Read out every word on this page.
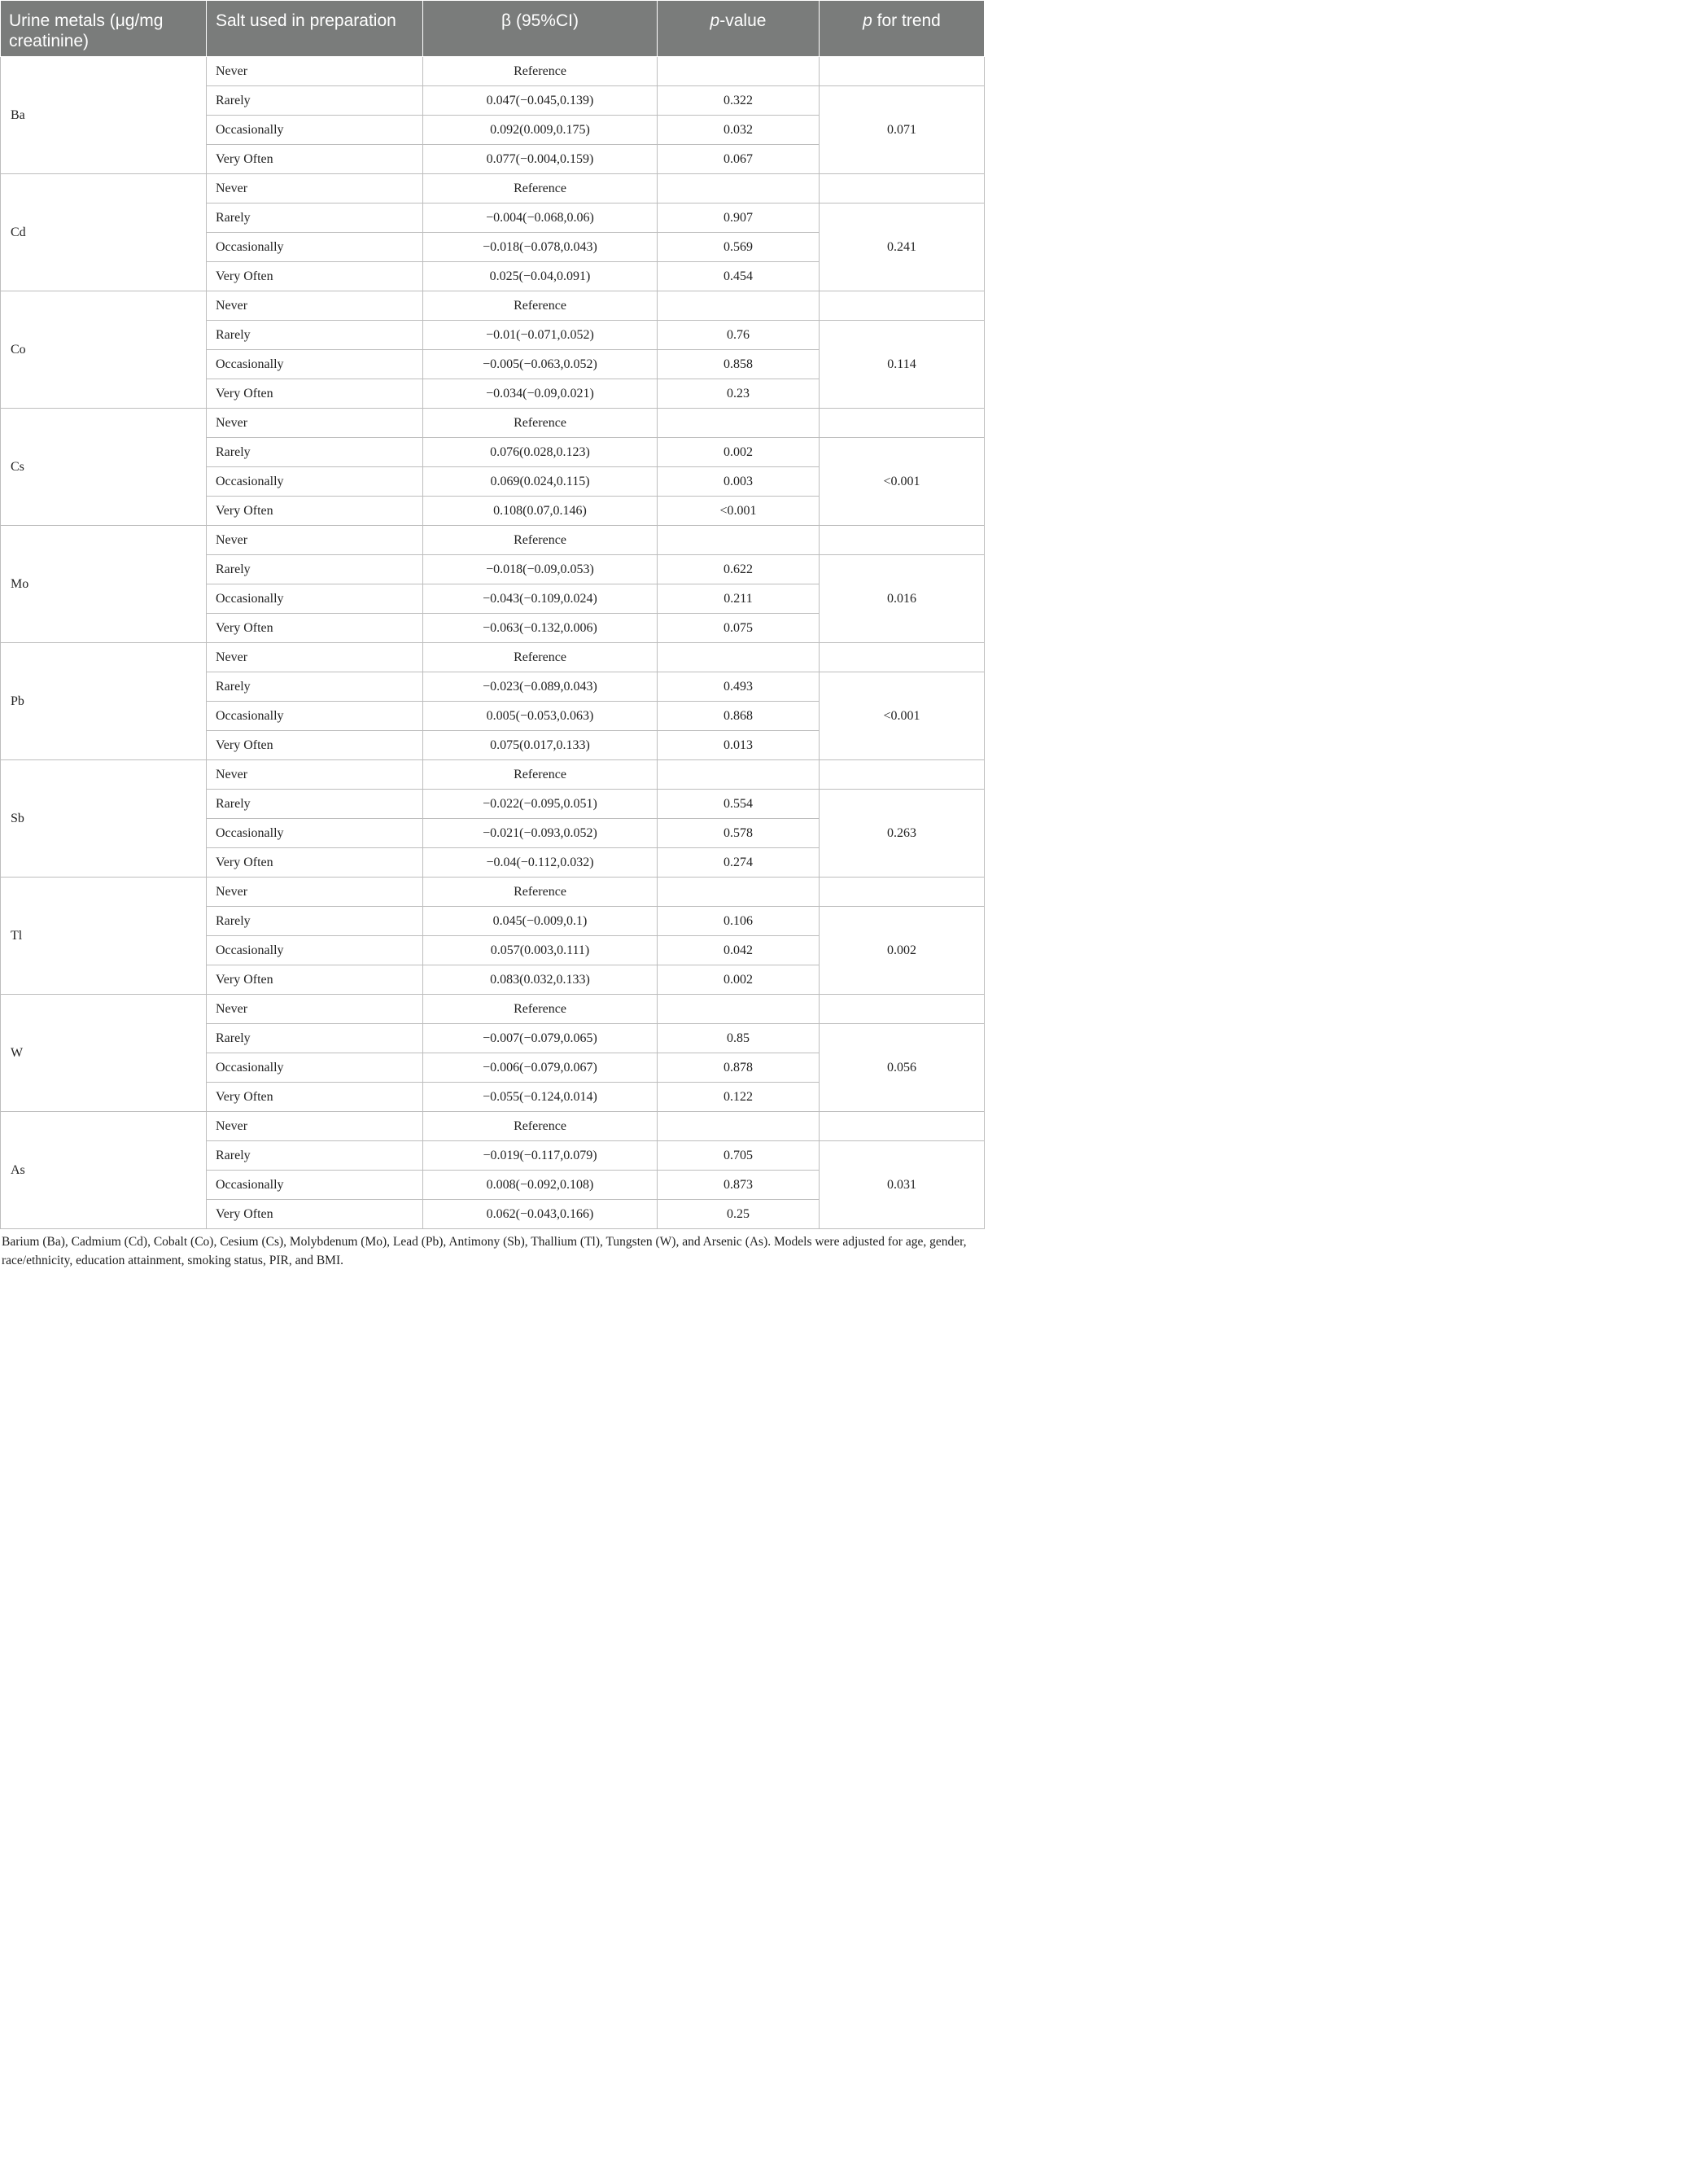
Urine metals (μg/mg creatinine)	Salt used in preparation	β (95%CI)	p-value	p for trend
Ba	Never	Reference		
	Rarely	0.047(−0.045,0.139)	0.322	0.071
	Occasionally	0.092(0.009,0.175)	0.032	
	Very Often	0.077(−0.004,0.159)	0.067	
Cd	Never	Reference		
	Rarely	−0.004(−0.068,0.06)	0.907	0.241
	Occasionally	−0.018(−0.078,0.043)	0.569	
	Very Often	0.025(−0.04,0.091)	0.454	
Co	Never	Reference		
	Rarely	−0.01(−0.071,0.052)	0.76	0.114
	Occasionally	−0.005(−0.063,0.052)	0.858	
	Very Often	−0.034(−0.09,0.021)	0.23	
Cs	Never	Reference		
	Rarely	0.076(0.028,0.123)	0.002	<0.001
	Occasionally	0.069(0.024,0.115)	0.003	
	Very Often	0.108(0.07,0.146)	<0.001	
Mo	Never	Reference		
	Rarely	−0.018(−0.09,0.053)	0.622	0.016
	Occasionally	−0.043(−0.109,0.024)	0.211	
	Very Often	−0.063(−0.132,0.006)	0.075	
Pb	Never	Reference		
	Rarely	−0.023(−0.089,0.043)	0.493	<0.001
	Occasionally	0.005(−0.053,0.063)	0.868	
	Very Often	0.075(0.017,0.133)	0.013	
Sb	Never	Reference		
	Rarely	−0.022(−0.095,0.051)	0.554	0.263
	Occasionally	−0.021(−0.093,0.052)	0.578	
	Very Often	−0.04(−0.112,0.032)	0.274	
Tl	Never	Reference		
	Rarely	0.045(−0.009,0.1)	0.106	0.002
	Occasionally	0.057(0.003,0.111)	0.042	
	Very Often	0.083(0.032,0.133)	0.002	
W	Never	Reference		
	Rarely	−0.007(−0.079,0.065)	0.85	0.056
	Occasionally	−0.006(−0.079,0.067)	0.878	
	Very Often	−0.055(−0.124,0.014)	0.122	
As	Never	Reference		
	Rarely	−0.019(−0.117,0.079)	0.705	0.031
	Occasionally	0.008(−0.092,0.108)	0.873	
	Very Often	0.062(−0.043,0.166)	0.25	
Barium (Ba), Cadmium (Cd), Cobalt (Co), Cesium (Cs), Molybdenum (Mo), Lead (Pb), Antimony (Sb), Thallium (Tl), Tungsten (W), and Arsenic (As). Models were adjusted for age, gender, race/ethnicity, education attainment, smoking status, PIR, and BMI.
